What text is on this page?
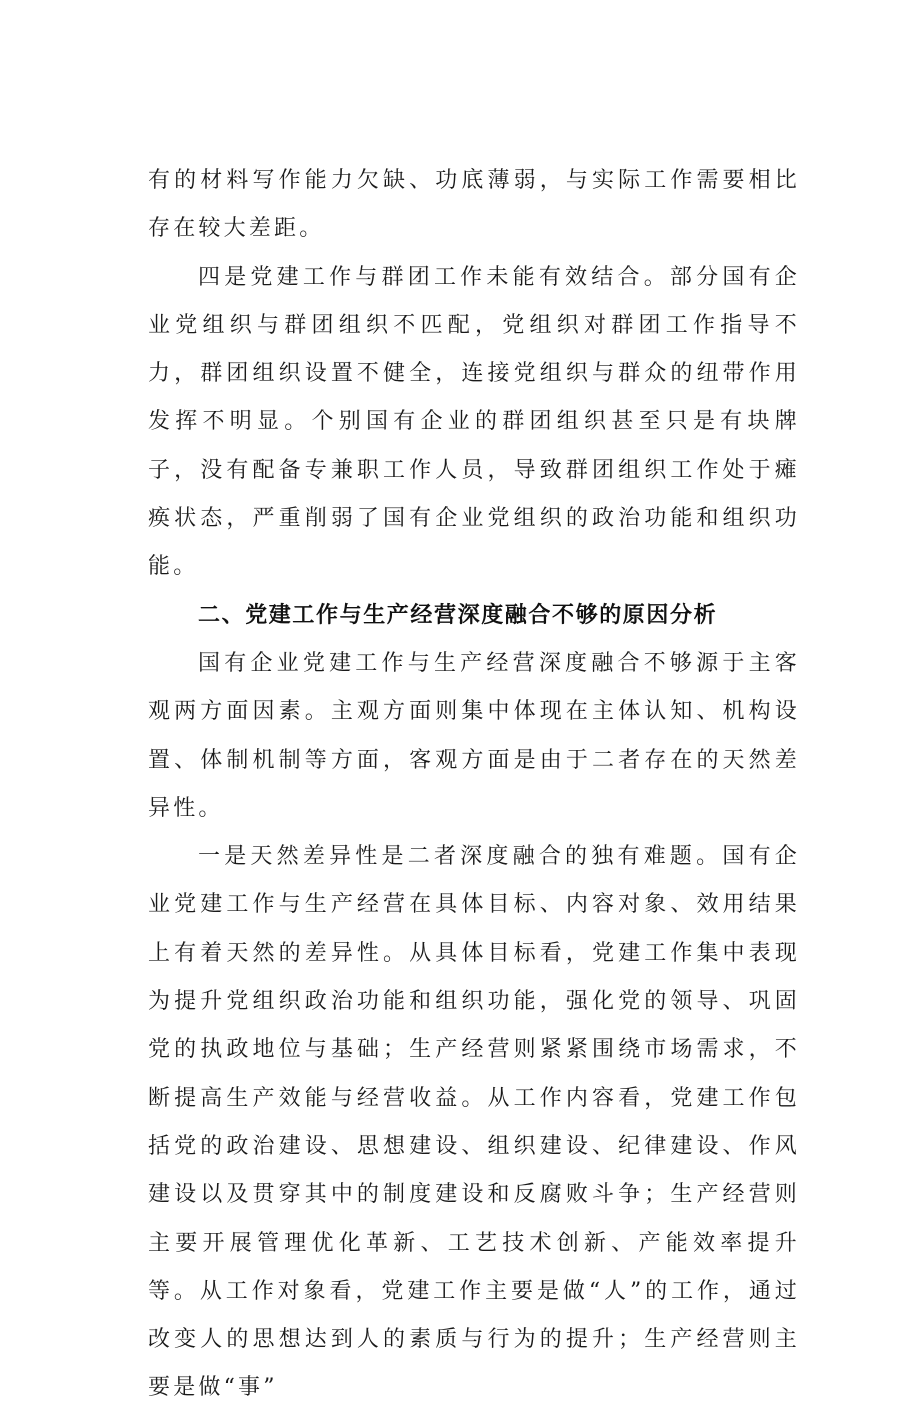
有的材料写作能力欠缺、功底薄弱，与实际工作需要相比存在较大差距。

四是党建工作与群团工作未能有效结合。部分国有企业党组织与群团组织不匹配，党组织对群团工作指导不力，群团组织设置不健全，连接党组织与群众的纽带作用发挥不明显。个别国有企业的群团组织甚至只是有块牌子，没有配备专兼职工作人员，导致群团组织工作处于瘫痪状态，严重削弱了国有企业党组织的政治功能和组织功能。

二、党建工作与生产经营深度融合不够的原因分析

国有企业党建工作与生产经营深度融合不够源于主客观两方面因素。主观方面则集中体现在主体认知、机构设置、体制机制等方面，客观方面是由于二者存在的天然差异性。

一是天然差异性是二者深度融合的独有难题。国有企业党建工作与生产经营在具体目标、内容对象、效用结果上有着天然的差异性。从具体目标看，党建工作集中表现为提升党组织政治功能和组织功能，强化党的领导、巩固党的执政地位与基础；生产经营则紧紧围绕市场需求，不断提高生产效能与经营收益。从工作内容看，党建工作包括党的政治建设、思想建设、组织建设、纪律建设、作风建设以及贯穿其中的制度建设和反腐败斗争；生产经营则主要开展管理优化革新、工艺技术创新、产能效率提升等。从工作对象看，党建工作主要是做“人”的工作，通过改变人的思想达到人的素质与行为的提升；生产经营则主要是做“事”
